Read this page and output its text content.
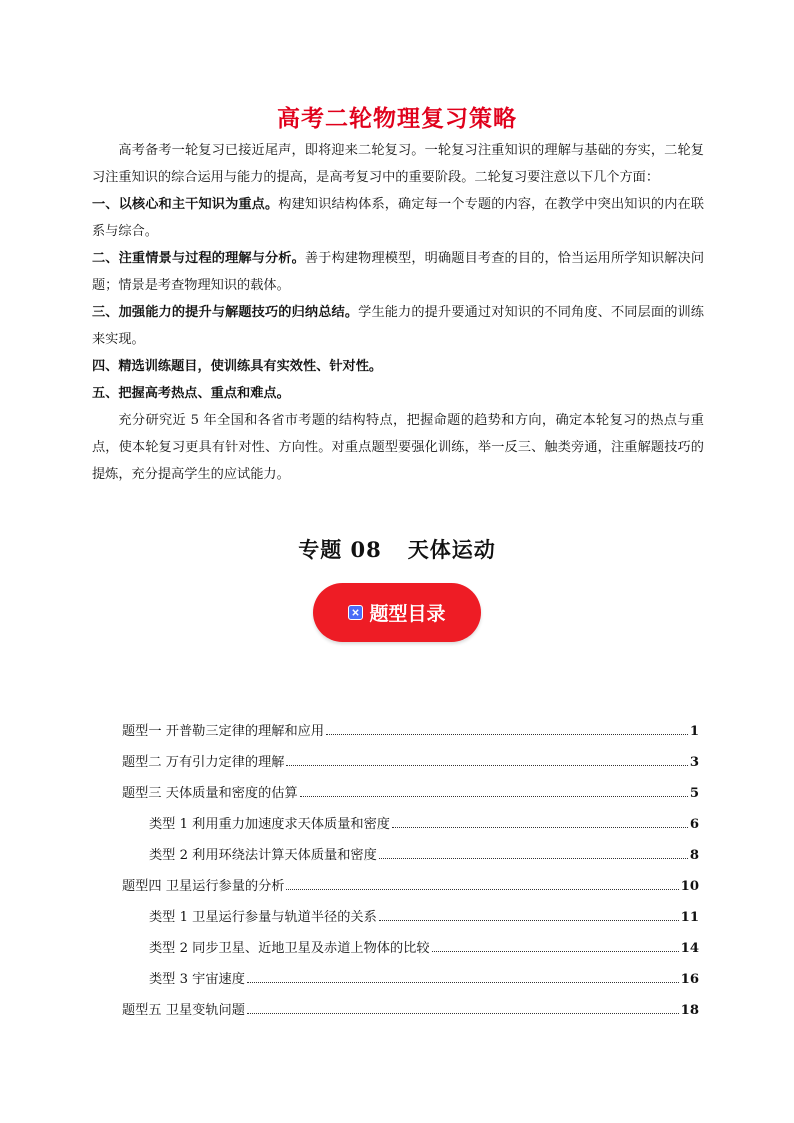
高考二轮物理复习策略

高考备考一轮复习已接近尾声，即将迎来二轮复习。一轮复习注重知识的理解与基础的夯实，二轮复习注重知识的综合运用与能力的提高，是高考复习中的重要阶段。二轮复习要注意以下几个方面：

一、以核心和主干知识为重点。构建知识结构体系，确定每一个专题的内容，在教学中突出知识的内在联系与综合。

二、注重情景与过程的理解与分析。善于构建物理模型，明确题目考查的目的，恰当运用所学知识解决问题；情景是考查物理知识的载体。

三、加强能力的提升与解题技巧的归纳总结。学生能力的提升要通过对知识的不同角度、不同层面的训练来实现。

四、精选训练题目，使训练具有实效性、针对性。

五、把握高考热点、重点和难点。

充分研究近 5 年全国和各省市考题的结构特点，把握命题的趋势和方向，确定本轮复习的热点与重点，使本轮复习更具有针对性、方向性。对重点题型要强化训练，举一反三、触类旁通，注重解题技巧的提炼，充分提高学生的应试能力。

专题 08 天体运动
题型目录
题型一 开普勒三定律的理解和应用	1
题型二 万有引力定律的理解	3
题型三 天体质量和密度的估算	5
类型 1 利用重力加速度求天体质量和密度	6
类型 2 利用环绕法计算天体质量和密度	8
题型四 卫星运行参量的分析	10
类型 1 卫星运行参量与轨道半径的关系	11
类型 2 同步卫星、近地卫星及赤道上物体的比较	14
类型 3 宇宙速度	16
题型五 卫星变轨问题	18
